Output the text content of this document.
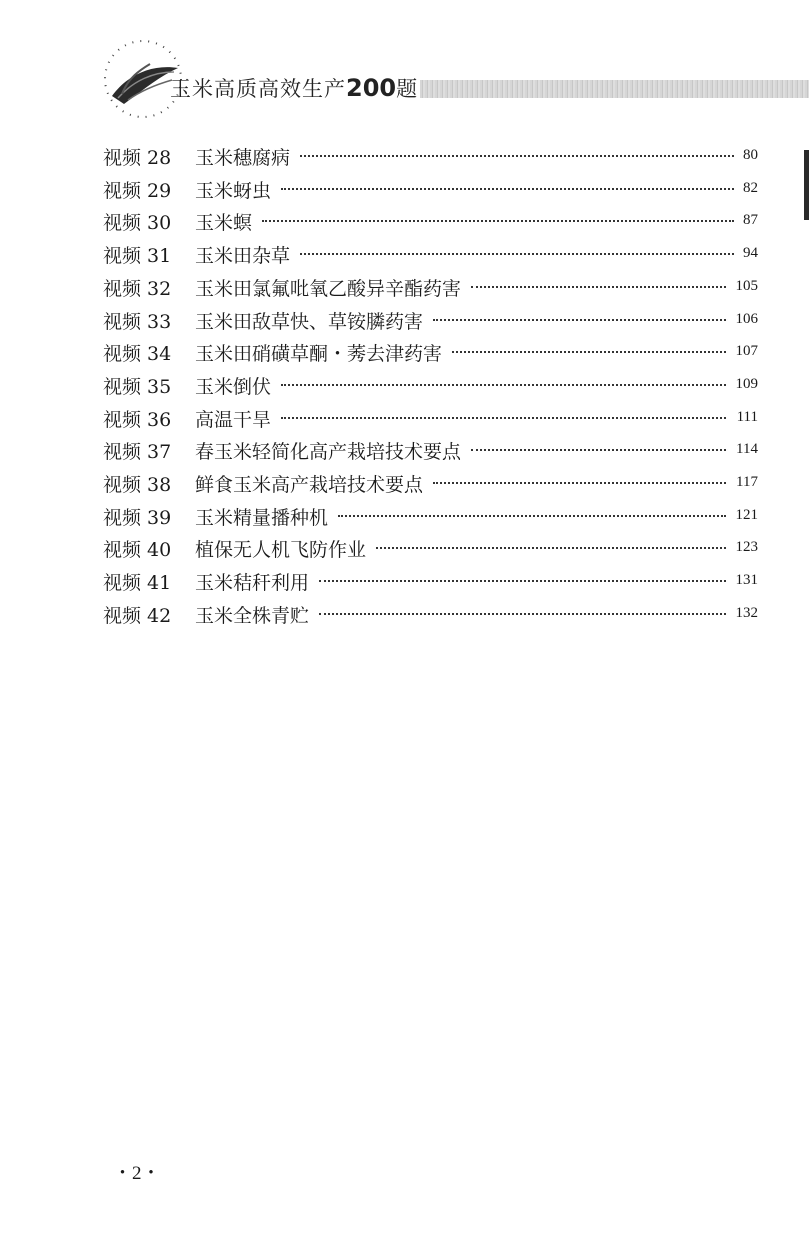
玉米高质高效生产200题
视频 28 玉米穗腐病	80
视频 29 玉米蚜虫	82
视频 30 玉米螟	87
视频 31 玉米田杂草	94
视频 32 玉米田氯氟吡氧乙酸异辛酯药害	105
视频 33 玉米田敌草快、草铵膦药害	106
视频 34 玉米田硝磺草酮・莠去津药害	107
视频 35 玉米倒伏	109
视频 36 高温干旱	111
视频 37 春玉米轻简化高产栽培技术要点	114
视频 38 鲜食玉米高产栽培技术要点	117
视频 39 玉米精量播种机	121
视频 40 植保无人机飞防作业	123
视频 41 玉米秸秆利用	131
视频 42 玉米全株青贮	132
・2・
